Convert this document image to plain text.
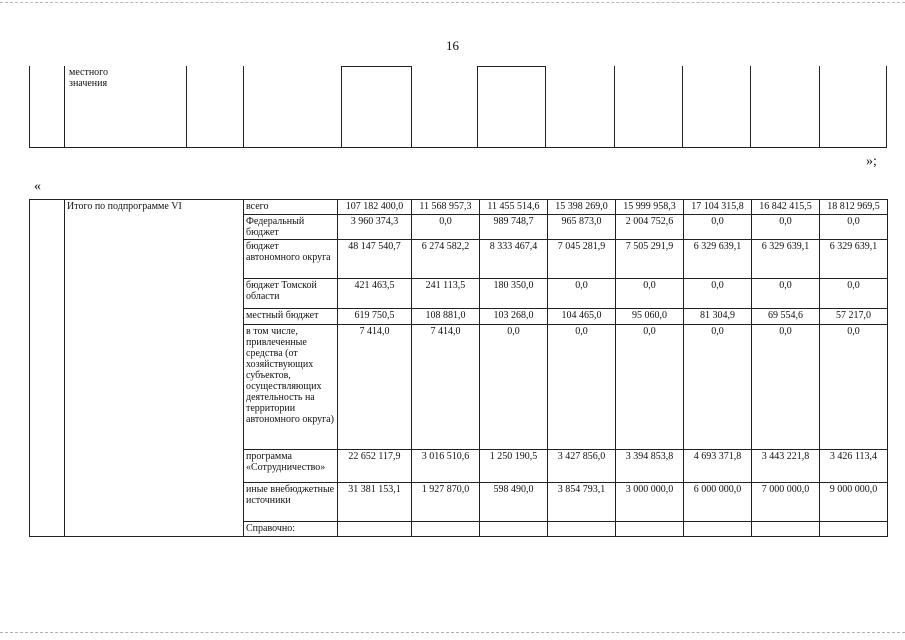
16
местного значения
»;
«
	Итого по подпрограмме VI	всего	107 182 400,0	11 568 957,3	11 455 514,6	15 398 269,0	15 999 958,3	17 104 315,8	16 842 415,5	18 812 969,5
		Федеральный бюджет	3 960 374,3	0,0	989 748,7	965 873,0	2 004 752,6	0,0	0,0	0,0
		бюджет автономного округа	48 147 540,7	6 274 582,2	8 333 467,4	7 045 281,9	7 505 291,9	6 329 639,1	6 329 639,1	6 329 639,1
		бюджет Томской области	421 463,5	241 113,5	180 350,0	0,0	0,0	0,0	0,0	0,0
		местный бюджет	619 750,5	108 881,0	103 268,0	104 465,0	95 060,0	81 304,9	69 554,6	57 217,0
		в том числе, привлеченные средства (от хозяйствующих субъектов, осуществляющих деятельность на территории автономного округа)	7 414,0	7 414,0	0,0	0,0	0,0	0,0	0,0	0,0
		программа «Сотрудничество»	22 652 117,9	3 016 510,6	1 250 190,5	3 427 856,0	3 394 853,8	4 693 371,8	3 443 221,8	3 426 113,4
		иные внебюджетные источники	31 381 153,1	1 927 870,0	598 490,0	3 854 793,1	3 000 000,0	6 000 000,0	7 000 000,0	9 000 000,0
		Справочно:								
